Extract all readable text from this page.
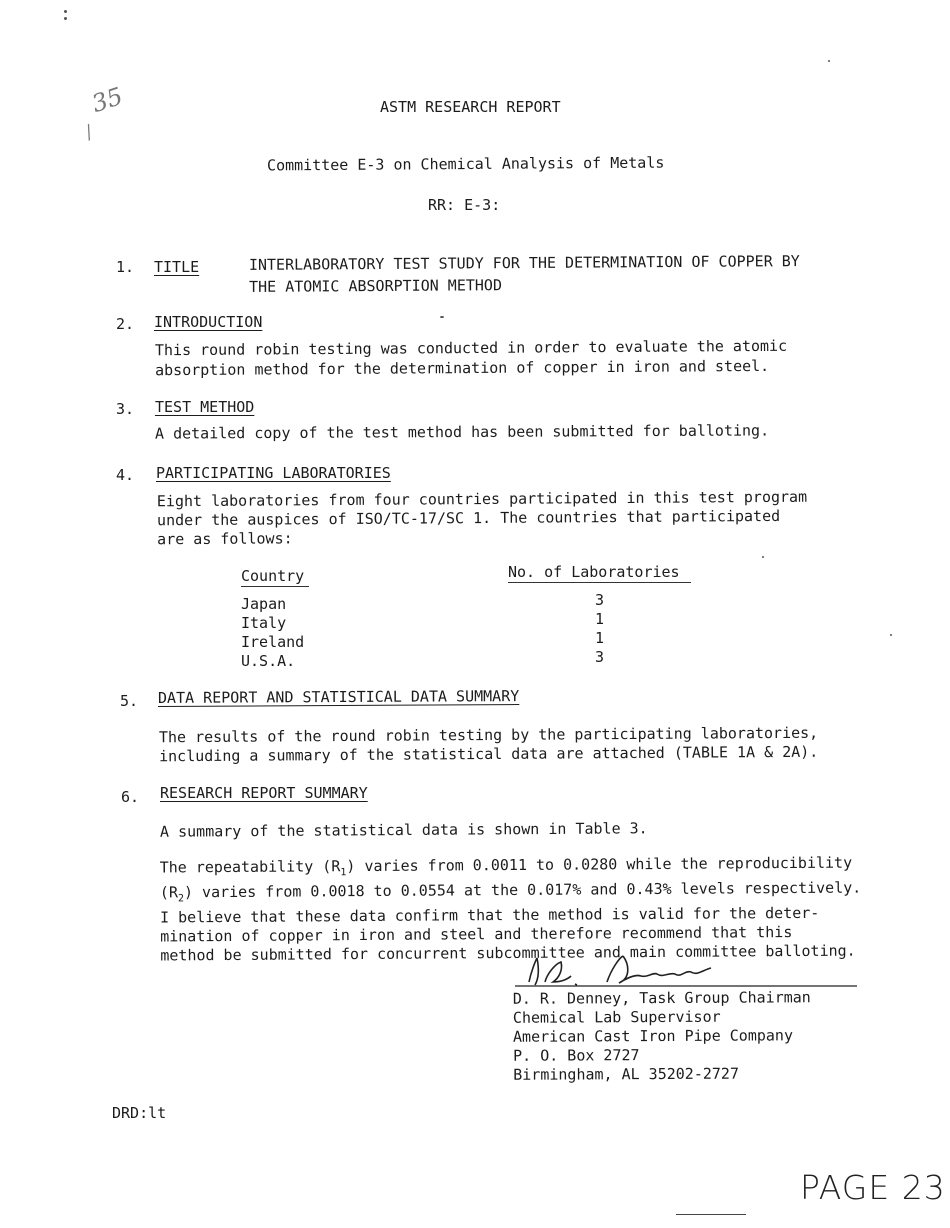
35
/
ASTM RESEARCH REPORT
Committee E-3 on Chemical Analysis of Metals
RR: E-3:
1. TITLE	INTERLABORATORY TEST STUDY FOR THE DETERMINATION OF COPPER BY
THE ATOMIC ABSORPTION METHOD
2. INTRODUCTION
This round robin testing was conducted in order to evaluate the atomic
absorption method for the determination of copper in iron and steel.
3. TEST METHOD
A detailed copy of the test method has been submitted for balloting.
4. PARTICIPATING LABORATORIES
Eight laboratories from four countries participated in this test program
under the auspices of ISO/TC-17/SC 1. The countries that participated
are as follows:
Country	No. of Laboratories
Japan	3
Italy	1
Ireland	1
U.S.A.	3
5. DATA REPORT AND STATISTICAL DATA SUMMARY
The results of the round robin testing by the participating laboratories,
including a summary of the statistical data are attached (TABLE 1A & 2A).
6. RESEARCH REPORT SUMMARY
A summary of the statistical data is shown in Table 3.
The repeatability $(R_1)$ varies from 0.0011 to 0.0280 while the reproducibility
$(R_2)$ varies from 0.0018 to 0.0554 at the 0.017% and 0.43% levels respectively.
I believe that these data confirm that the method is valid for the deter-
mination of copper in iron and steel and therefore recommend that this
method be submitted for concurrent subcommittee and main committee balloting.
D. R. Denney, Task Group Chairman
Chemical Lab Supervisor
American Cast Iron Pipe Company
P. O. Box 2727
Birmingham, AL 35202-2727
DRD:lt
PAGE 23
